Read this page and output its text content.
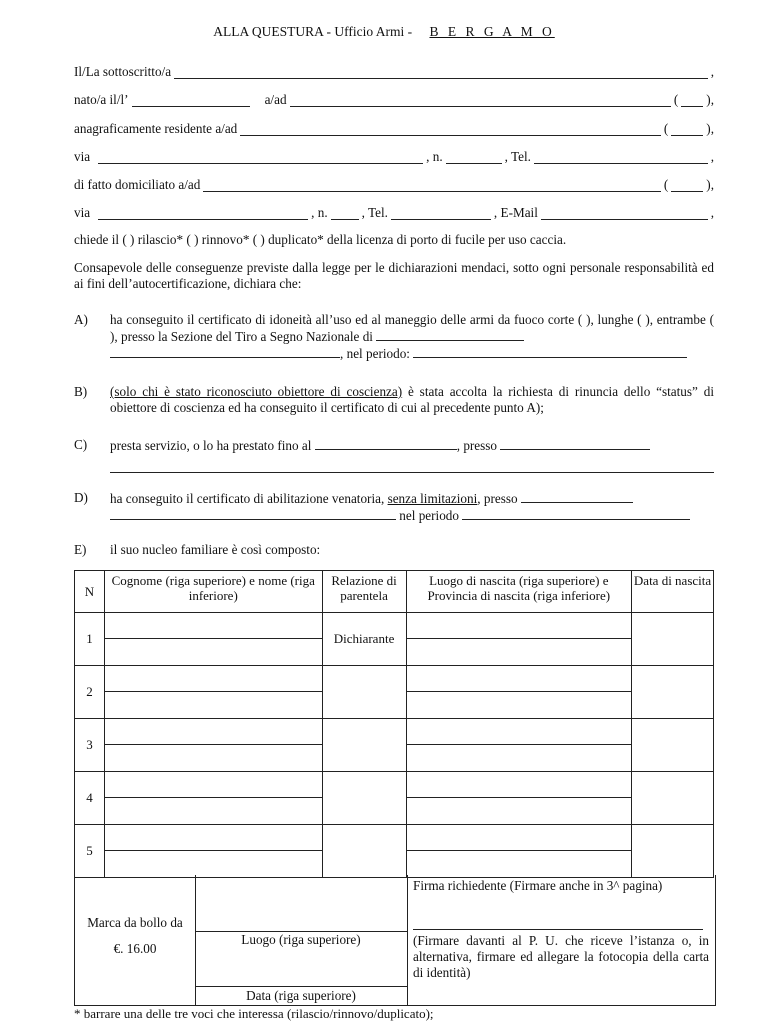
ALLA QUESTURA - Ufficio Armi - B E R G A M O
Il/La sottoscritto/a	,
nato/a il/l’	a/ad	( ),
anagraficamente residente a/ad	(	),
via	, n.	, Tel.	,
di fatto domiciliato a/ad	(	),
via	, n.	, Tel.	, E-Mail	,
chiede il ( ) rilascio* ( ) rinnovo* ( ) duplicato* della licenza di porto di fucile per uso caccia.
Consapevole delle conseguenze previste dalla legge per le dichiarazioni mendaci, sotto ogni personale responsabilità ed ai fini dell’autocertificazione, dichiara che:
A)	ha conseguito il certificato di idoneità all’uso ed al maneggio delle armi da fuoco corte ( ), lunghe ( ), entrambe ( ), presso la Sezione del Tiro a Segno Nazionale di
, nel periodo:
B)	(solo chi è stato riconosciuto obiettore di coscienza) è stata accolta la richiesta di rinuncia dello “status” di obiettore di coscienza ed ha conseguito il certificato di cui al precedente punto A);
C)	presta servizio, o lo ha prestato fino al	, presso
D)	ha conseguito il certificato di abilitazione venatoria, senza limitazioni, presso
nel periodo
E)	il suo nucleo familiare è così composto:
N	Cognome (riga superiore) e nome (riga inferiore)	Relazione di parentela	Luogo di nascita (riga superiore) e Provincia di nascita (riga inferiore)	Data di nascita
1		Dichiarante		

2	

3	

4	

5	

Marca da bollo da
€. 16.00
Luogo (riga superiore)
Data (riga superiore)
Firma richiedente (Firmare anche in 3^ pagina)
(Firmare davanti al P. U. che riceve l’istanza o, in alternativa, firmare ed allegare la fotocopia della carta di identità)
* barrare una delle tre voci che interessa (rilascio/rinnovo/duplicato);
